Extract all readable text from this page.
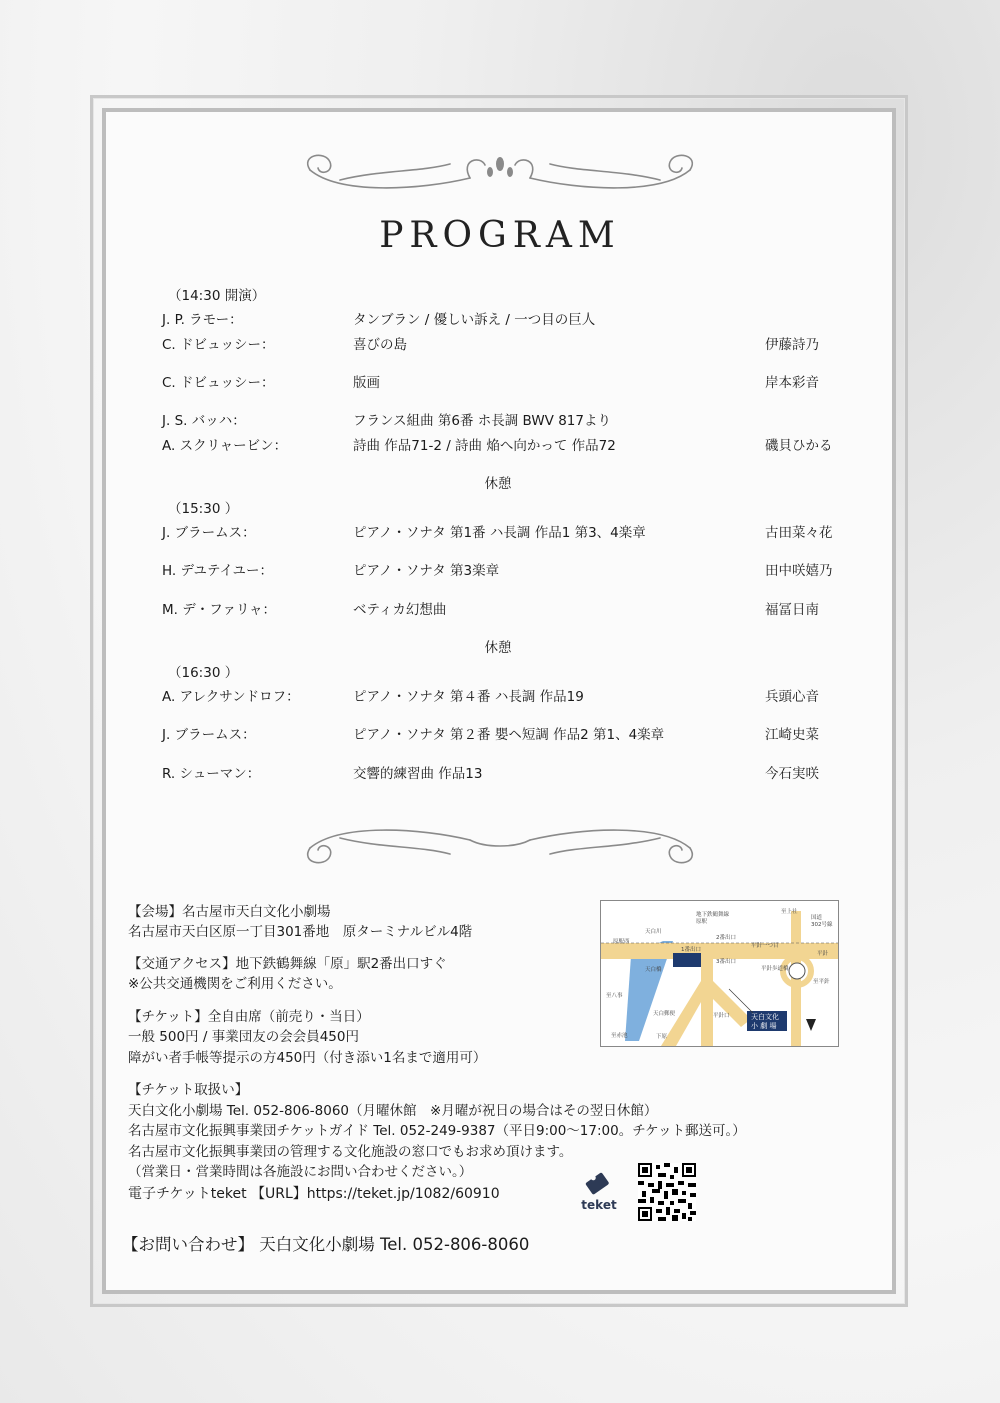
PROGRAM
（14:30 開演）
J. P. ラモー：	タンブラン / 優しい訴え / 一つ目の巨人
C. ドビュッシー：	喜びの島	伊藤詩乃
C. ドビュッシー：	版画	岸本彩音
J. S. バッハ：	フランス組曲 第6番 ホ長調 BWV 817より
A. スクリャービン：	詩曲 作品71-2 / 詩曲 焔へ向かって 作品72	磯貝ひかる
休憩
（15:30 ）
J. ブラームス：	ピアノ・ソナタ 第1番 ハ長調 作品1 第3、4楽章	古田菜々花
H. デユテイユー：	ピアノ・ソナタ 第3楽章	田中咲嬉乃
M. デ・ファリャ：	ベティカ幻想曲	福冨日南
休憩
（16:30 ）
A. アレクサンドロフ：	ピアノ・ソナタ 第４番 ハ長調 作品19	兵頭心音
J. ブラームス：	ピアノ・ソナタ 第２番 嬰ヘ短調 作品2 第1、4楽章	江崎史菜
R. シューマン：	交響的練習曲 作品13	今石実咲
【会場】名古屋市天白文化小劇場
名古屋市天白区原一丁目301番地　原ターミナルビル4階
【交通アクセス】地下鉄鶴舞線「原」駅2番出口すぐ
※公共交通機関をご利用ください。
【チケット】全自由席（前売り・当日）
一般 500円 / 事業団友の会会員450円
障がい者手帳等提示の方450円（付き添い1名まで適用可）
【チケット取扱い】
天白文化小劇場 Tel. 052-806-8060（月曜休館　※月曜が祝日の場合はその翌日休館）
名古屋市文化振興事業団チケットガイド Tel. 052-249-9387（平日9:00～17:00。チケット郵送可。）
名古屋市文化振興事業団の管理する文化施設の窓口でもお求め頂けます。
（営業日・営業時間は各施設にお問い合わせください。）
電子チケットteket 【URL】https://teket.jp/1082/60910
【お問い合わせ】 天白文化小劇場 Tel. 052-806-8060
地下鉄鶴舞線
原駅
天白川
原駅西
2番出口
1番出口
3番出口
平針一つ目
国道
302号線
平針
至上社
至八事
天白郵便	平針口
下原
至平針
至赤池
平針歩道橋
天白橋
天白文化
小 劇 場
teket
